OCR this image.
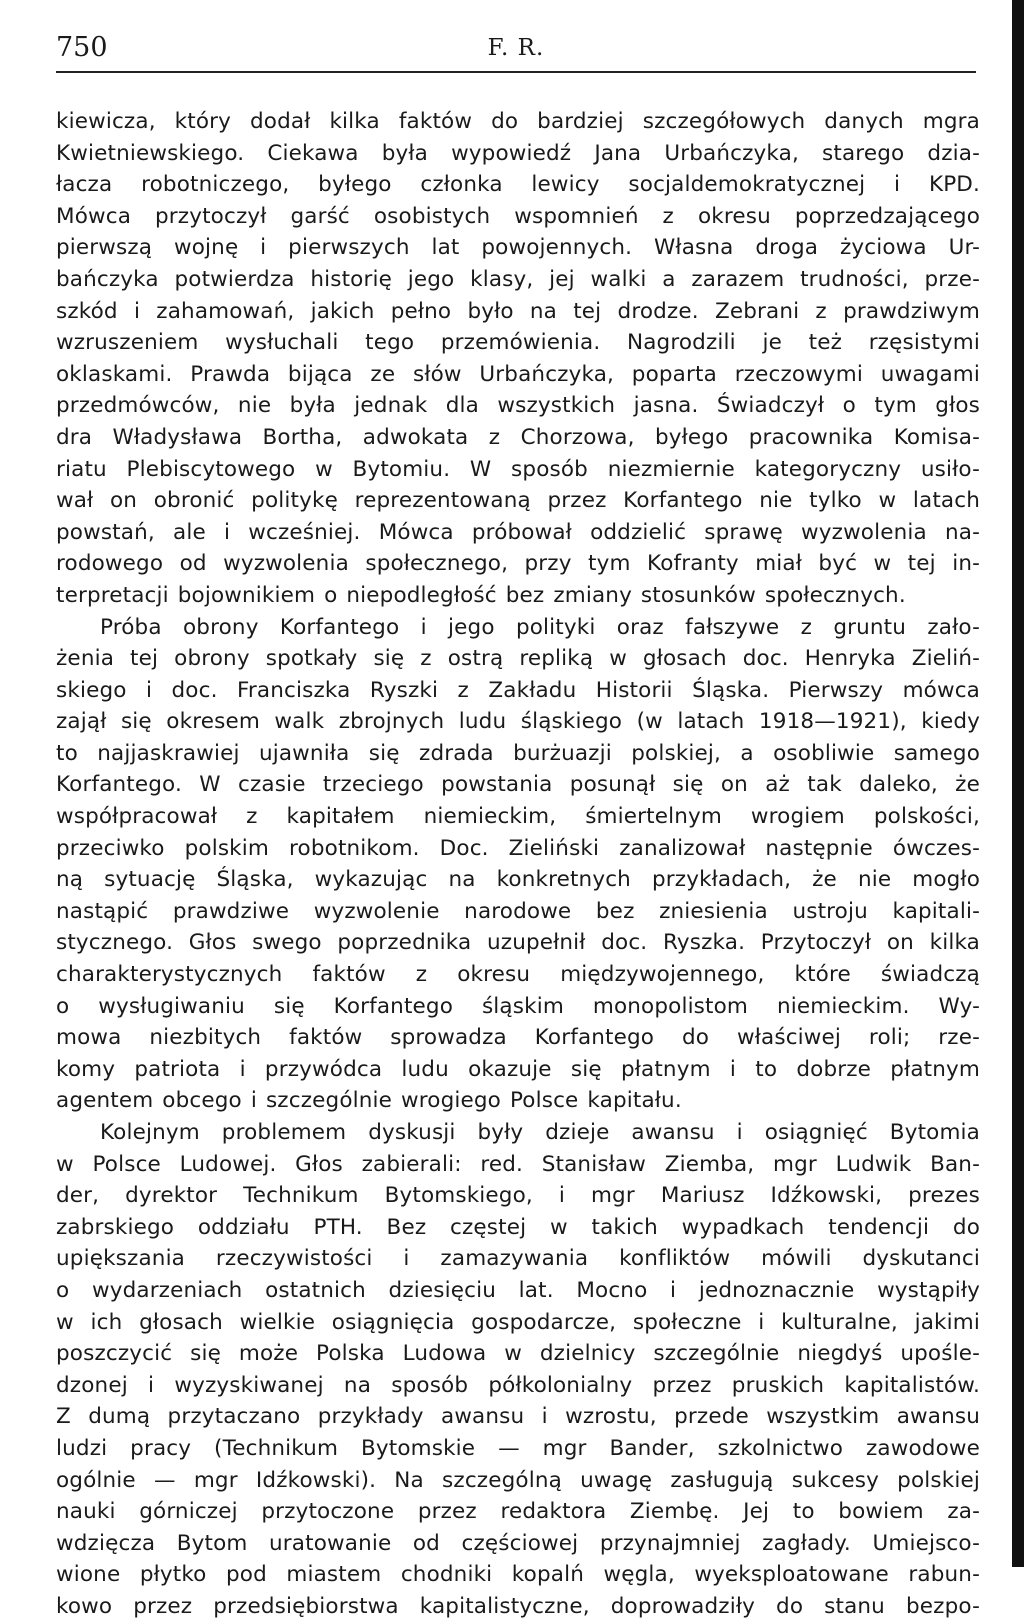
750	F. R.
kiewicza, który dodał kilka faktów do bardziej szczegółowych danych mgra
Kwietniewskiego. Ciekawa była wypowiedź Jana Urbańczyka, starego dzia-
łacza robotniczego, byłego członka lewicy socjaldemokratycznej i KPD.
Mówca przytoczył garść osobistych wspomnień z okresu poprzedzającego
pierwszą wojnę i pierwszych lat powojennych. Własna droga życiowa Ur-
bańczyka potwierdza historię jego klasy, jej walki a zarazem trudności, prze-
szkód i zahamowań, jakich pełno było na tej drodze. Zebrani z prawdziwym
wzruszeniem wysłuchali tego przemówienia. Nagrodzili je też rzęsistymi
oklaskami. Prawda bijąca ze słów Urbańczyka, poparta rzeczowymi uwagami
przedmówców, nie była jednak dla wszystkich jasna. Świadczył o tym głos
dra Władysława Borthа, adwokata z Chorzowa, byłego pracownika Komisa-
riatu Plebiscytowego w Bytomiu. W sposób niezmiernie kategoryczny usiło-
wał on obronić politykę reprezentowaną przez Korfantego nie tylko w latach
powstań, ale i wcześniej. Mówca próbował oddzielić sprawę wyzwolenia na-
rodowego od wyzwolenia społecznego, przy tym Kofranty miał być w tej in-
terpretacji bojownikiem o niepodległość bez zmiany stosunków społecznych.
Próba obrony Korfantego i jego polityki oraz fałszywe z gruntu zało-
żenia tej obrony spotkały się z ostrą repliką w głosach doc. Henryka Zieliń-
skiego i doc. Franciszka Ryszki z Zakładu Historii Śląska. Pierwszy mówca
zajął się okresem walk zbrojnych ludu śląskiego (w latach 1918—1921), kiedy
to najjaskrawiej ujawniła się zdrada burżuazji polskiej, a osobliwie samego
Korfantego. W czasie trzeciego powstania posunął się on aż tak daleko, że
współpracował z kapitałem niemieckim, śmiertelnym wrogiem polskości,
przeciwko polskim robotnikom. Doc. Zieliński zanalizował następnie ówczes-
ną sytuację Śląska, wykazując na konkretnych przykładach, że nie mogło
nastąpić prawdziwe wyzwolenie narodowe bez zniesienia ustroju kapitali-
stycznego. Głos swego poprzednika uzupełnił doc. Ryszka. Przytoczył on kilka
charakterystycznych faktów z okresu międzywojennego, które świadczą
o wysługiwaniu się Korfantego śląskim monopolistom niemieckim. Wy-
mowa niezbitych faktów sprowadza Korfantego do właściwej roli; rze-
komy patriota i przywódca ludu okazuje się płatnym i to dobrze płatnym
agentem obcego i szczególnie wrogiego Polsce kapitału.
Kolejnym problemem dyskusji były dzieje awansu i osiągnięć Bytomia
w Polsce Ludowej. Głos zabierali: red. Stanisław Ziemba, mgr Ludwik Ban-
der, dyrektor Technikum Bytomskiego, i mgr Mariusz Idźkowski, prezes
zabrskiego oddziału PTH. Bez częstej w takich wypadkach tendencji do
upiększania rzeczywistości i zamazywania konfliktów mówili dyskutanci
o wydarzeniach ostatnich dziesięciu lat. Mocno i jednoznacznie wystąpiły
w ich głosach wielkie osiągnięcia gospodarcze, społeczne i kulturalne, jakimi
poszczycić się może Polska Ludowa w dzielnicy szczególnie niegdyś upośle-
dzonej i wyzyskiwanej na sposób półkolonialny przez pruskich kapitalistów.
Z dumą przytaczano przykłady awansu i wzrostu, przede wszystkim awansu
ludzi pracy (Technikum Bytomskie — mgr Bander, szkolnictwo zawodowe
ogólnie — mgr Idźkowski). Na szczególną uwagę zasługują sukcesy polskiej
nauki górniczej przytoczone przez redaktora Ziembę. Jej to bowiem za-
wdzięcza Bytom uratowanie od częściowej przynajmniej zagłady. Umiejsco-
wione płytko pod miastem chodniki kopalń węgla, wyeksploatowane rabun-
kowo przez przedsiębiorstwa kapitalistyczne, doprowadziły do stanu bezpo-
